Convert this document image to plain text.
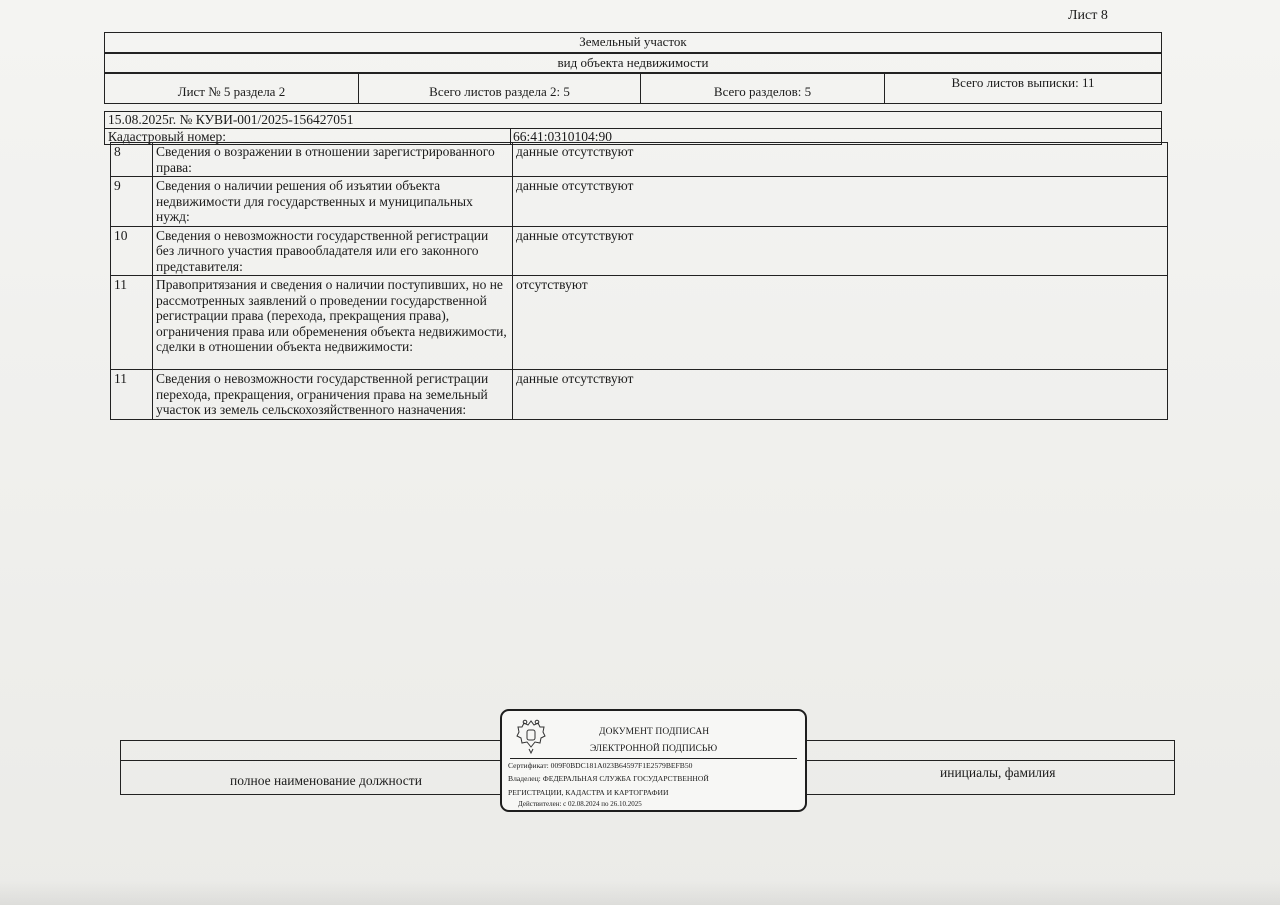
Лист 8
Земельный участок
вид объекта недвижимости
Лист № 5 раздела 2	Всего листов раздела 2: 5	Всего разделов: 5
Всего листов выписки: 11
15.08.2025г. № КУВИ-001/2025-156427051
Кадастровый номер:	66:41:0310104:90
8	Сведения о возражении в отношении зарегистрированного права:	данные отсутствуют
9	Сведения о наличии решения об изъятии объекта недвижимости для государственных и муниципальных нужд:	данные отсутствуют
10	Сведения о невозможности государственной регистрации без личного участия правообладателя или его законного представителя:	данные отсутствуют
11	Правопритязания и сведения о наличии поступивших, но не рассмотренных заявлений о проведении государственной регистрации права (перехода, прекращения права), ограничения права или обременения объекта недвижимости, сделки в отношении объекта недвижимости:	отсутствуют
11	Сведения о невозможности государственной регистрации перехода, прекращения, ограничения права на земельный участок из земель сельскохозяйственного назначения:	данные отсутствуют
полное наименование должности
инициалы, фамилия
ДОКУМЕНТ ПОДПИСАН
ЭЛЕКТРОННОЙ ПОДПИСЬЮ
Сертификат: 009F0BDC181A023B64597F1E2579BEFB50
Владелец: ФЕДЕРАЛЬНАЯ СЛУЖБА ГОСУДАРСТВЕННОЙ
РЕГИСТРАЦИИ, КАДАСТРА И КАРТОГРАФИИ
Действителен: с 02.08.2024 по 26.10.2025
